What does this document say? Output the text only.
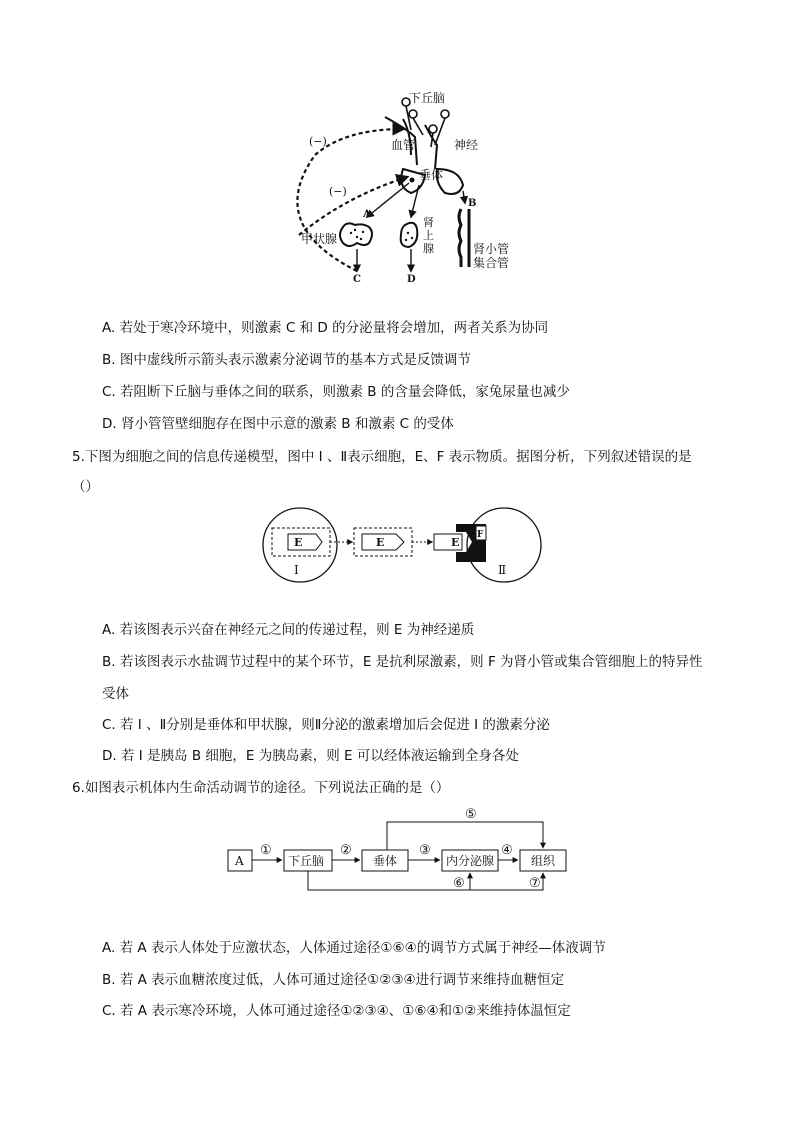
下丘脑
血管	神经
垂体
(−)
(−)
A
B
甲状腺
肾
上
腺	肾小管
集合管
C	D
A. 若处于寒冷环境中，则激素 C 和 D 的分泌量将会增加，两者关系为协同
B. 图中虚线所示箭头表示激素分泌调节的基本方式是反馈调节
C. 若阻断下丘脑与垂体之间的联系，则激素 B 的含量会降低，家兔尿量也减少
D. 肾小管管壁细胞存在图中示意的激素 B 和激素 C 的受体
5.下图为细胞之间的信息传递模型，图中 Ⅰ 、Ⅱ表示细胞，E、F 表示物质。据图分析，下列叙述错误的是
（）
E	E	E
F
Ⅰ	Ⅱ
A. 若该图表示兴奋在神经元之间的传递过程，则 E 为神经递质
B. 若该图表示水盐调节过程中的某个环节，E 是抗利尿激素，则 F 为肾小管或集合管细胞上的特异性
受体
C. 若 Ⅰ 、Ⅱ分别是垂体和甲状腺，则Ⅱ分泌的激素增加后会促进 Ⅰ 的激素分泌
D. 若 Ⅰ 是胰岛 B 细胞，E 为胰岛素，则 E 可以经体液运输到全身各处
6.如图表示机体内生命活动调节的途径。下列说法正确的是（）
A	下丘脑	垂体	内分泌腺	组织
①	②	③	④
⑤
⑥	⑦
A. 若 A 表示人体处于应激状态，人体通过途径①⑥④的调节方式属于神经—体液调节
B. 若 A 表示血糖浓度过低，人体可通过途径①②③④进行调节来维持血糖恒定
C. 若 A 表示寒冷环境，人体可通过途径①②③④、①⑥④和①②来维持体温恒定
